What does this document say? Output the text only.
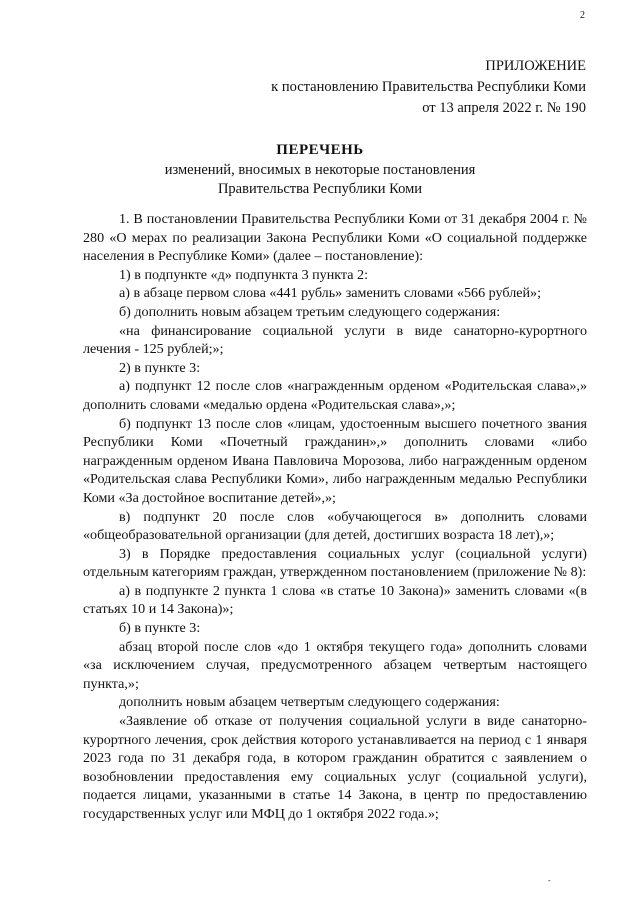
2
ПРИЛОЖЕНИЕ
к постановлению Правительства Республики Коми
от 13 апреля 2022 г. № 190
ПЕРЕЧЕНЬ
изменений, вносимых в некоторые постановления
Правительства Республики Коми

1. В постановлении Правительства Республики Коми от 31 декабря 2004 г. № 280 «О мерах по реализации Закона Республики Коми «О социальной поддержке населения в Республике Коми» (далее – постановление):

1) в подпункте «д» подпункта 3 пункта 2:

а) в абзаце первом слова «441 рубль» заменить словами «566 рублей»;

б) дополнить новым абзацем третьим следующего содержания:

«на финансирование социальной услуги в виде санаторно-курортного лечения - 125 рублей;»;

2) в пункте 3:

а) подпункт 12 после слов «награжденным орденом «Родительская слава»,» дополнить словами «медалью ордена «Родительская слава»,»;

б) подпункт 13 после слов «лицам, удостоенным высшего почетного звания Республики Коми «Почетный гражданин»,» дополнить словами «либо награжденным орденом Ивана Павловича Морозова, либо награжденным орденом «Родительская слава Республики Коми», либо награжденным медалью Республики Коми «За достойное воспитание детей»,»;

в) подпункт 20 после слов «обучающегося в» дополнить словами «общеобразовательной организации (для детей, достигших возраста 18 лет),»;

3) в Порядке предоставления социальных услуг (социальной услуги) отдельным категориям граждан, утвержденном постановлением (приложение № 8):

а) в подпункте 2 пункта 1 слова «в статье 10 Закона)» заменить словами «(в статьях 10 и 14 Закона)»;

б) в пункте 3:

абзац второй после слов «до 1 октября текущего года» дополнить словами «за исключением случая, предусмотренного абзацем четвертым настоящего пункта,»;

дополнить новым абзацем четвертым следующего содержания:

«Заявление об отказе от получения социальной услуги в виде санаторно-курортного лечения, срок действия которого устанавливается на период с 1 января 2023 года по 31 декабря года, в котором гражданин обратится с заявлением о возобновлении предоставления ему социальных услуг (социальной услуги), подается лицами, указанными в статье 14 Закона, в центр по предоставлению государственных услуг или МФЦ до 1 октября 2022 года.»;

-
